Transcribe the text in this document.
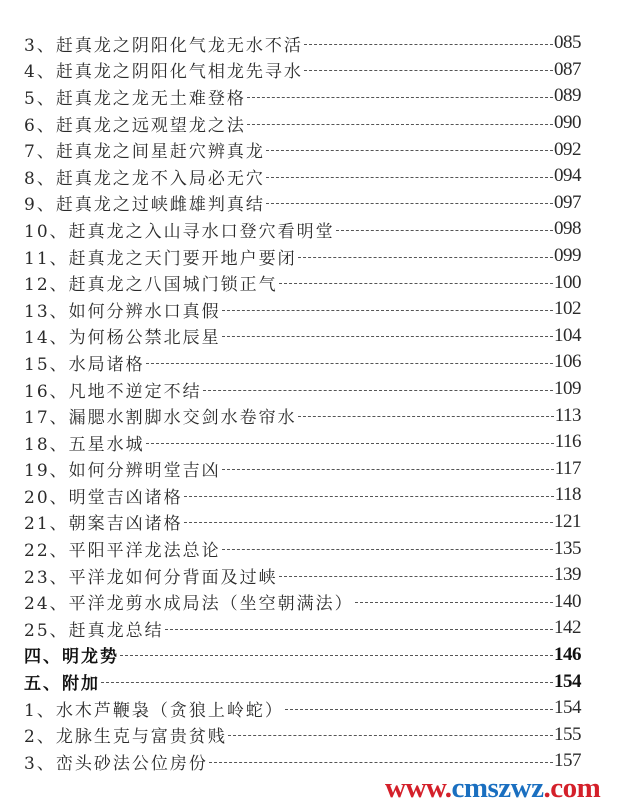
3、赶真龙之阴阳化气龙无水不活	085
4、赶真龙之阴阳化气相龙先寻水	087
5、赶真龙之龙无土难登格	089
6、赶真龙之远观望龙之法	090
7、赶真龙之间星赶穴辨真龙	092
8、赶真龙之龙不入局必无穴	094
9、赶真龙之过峡雌雄判真结	097
10、赶真龙之入山寻水口登穴看明堂	098
11、赶真龙之天门要开地户要闭	099
12、赶真龙之八国城门锁正气	100
13、如何分辨水口真假	102
14、为何杨公禁北辰星	104
15、水局诸格	106
16、凡地不逆定不结	109
17、漏腮水割脚水交剑水卷帘水	113
18、五星水城	116
19、如何分辨明堂吉凶	117
20、明堂吉凶诸格	118
21、朝案吉凶诸格	121
22、平阳平洋龙法总论	135
23、平洋龙如何分背面及过峡	139
24、平洋龙剪水成局法（坐空朝满法）	140
25、赶真龙总结	142
四、明龙势	146
五、附加	154
1、水木芦鞭袅（贪狼上岭蛇）	154
2、龙脉生克与富贵贫贱	155
3、峦头砂法公位房份	157
www.cmszwz.com
